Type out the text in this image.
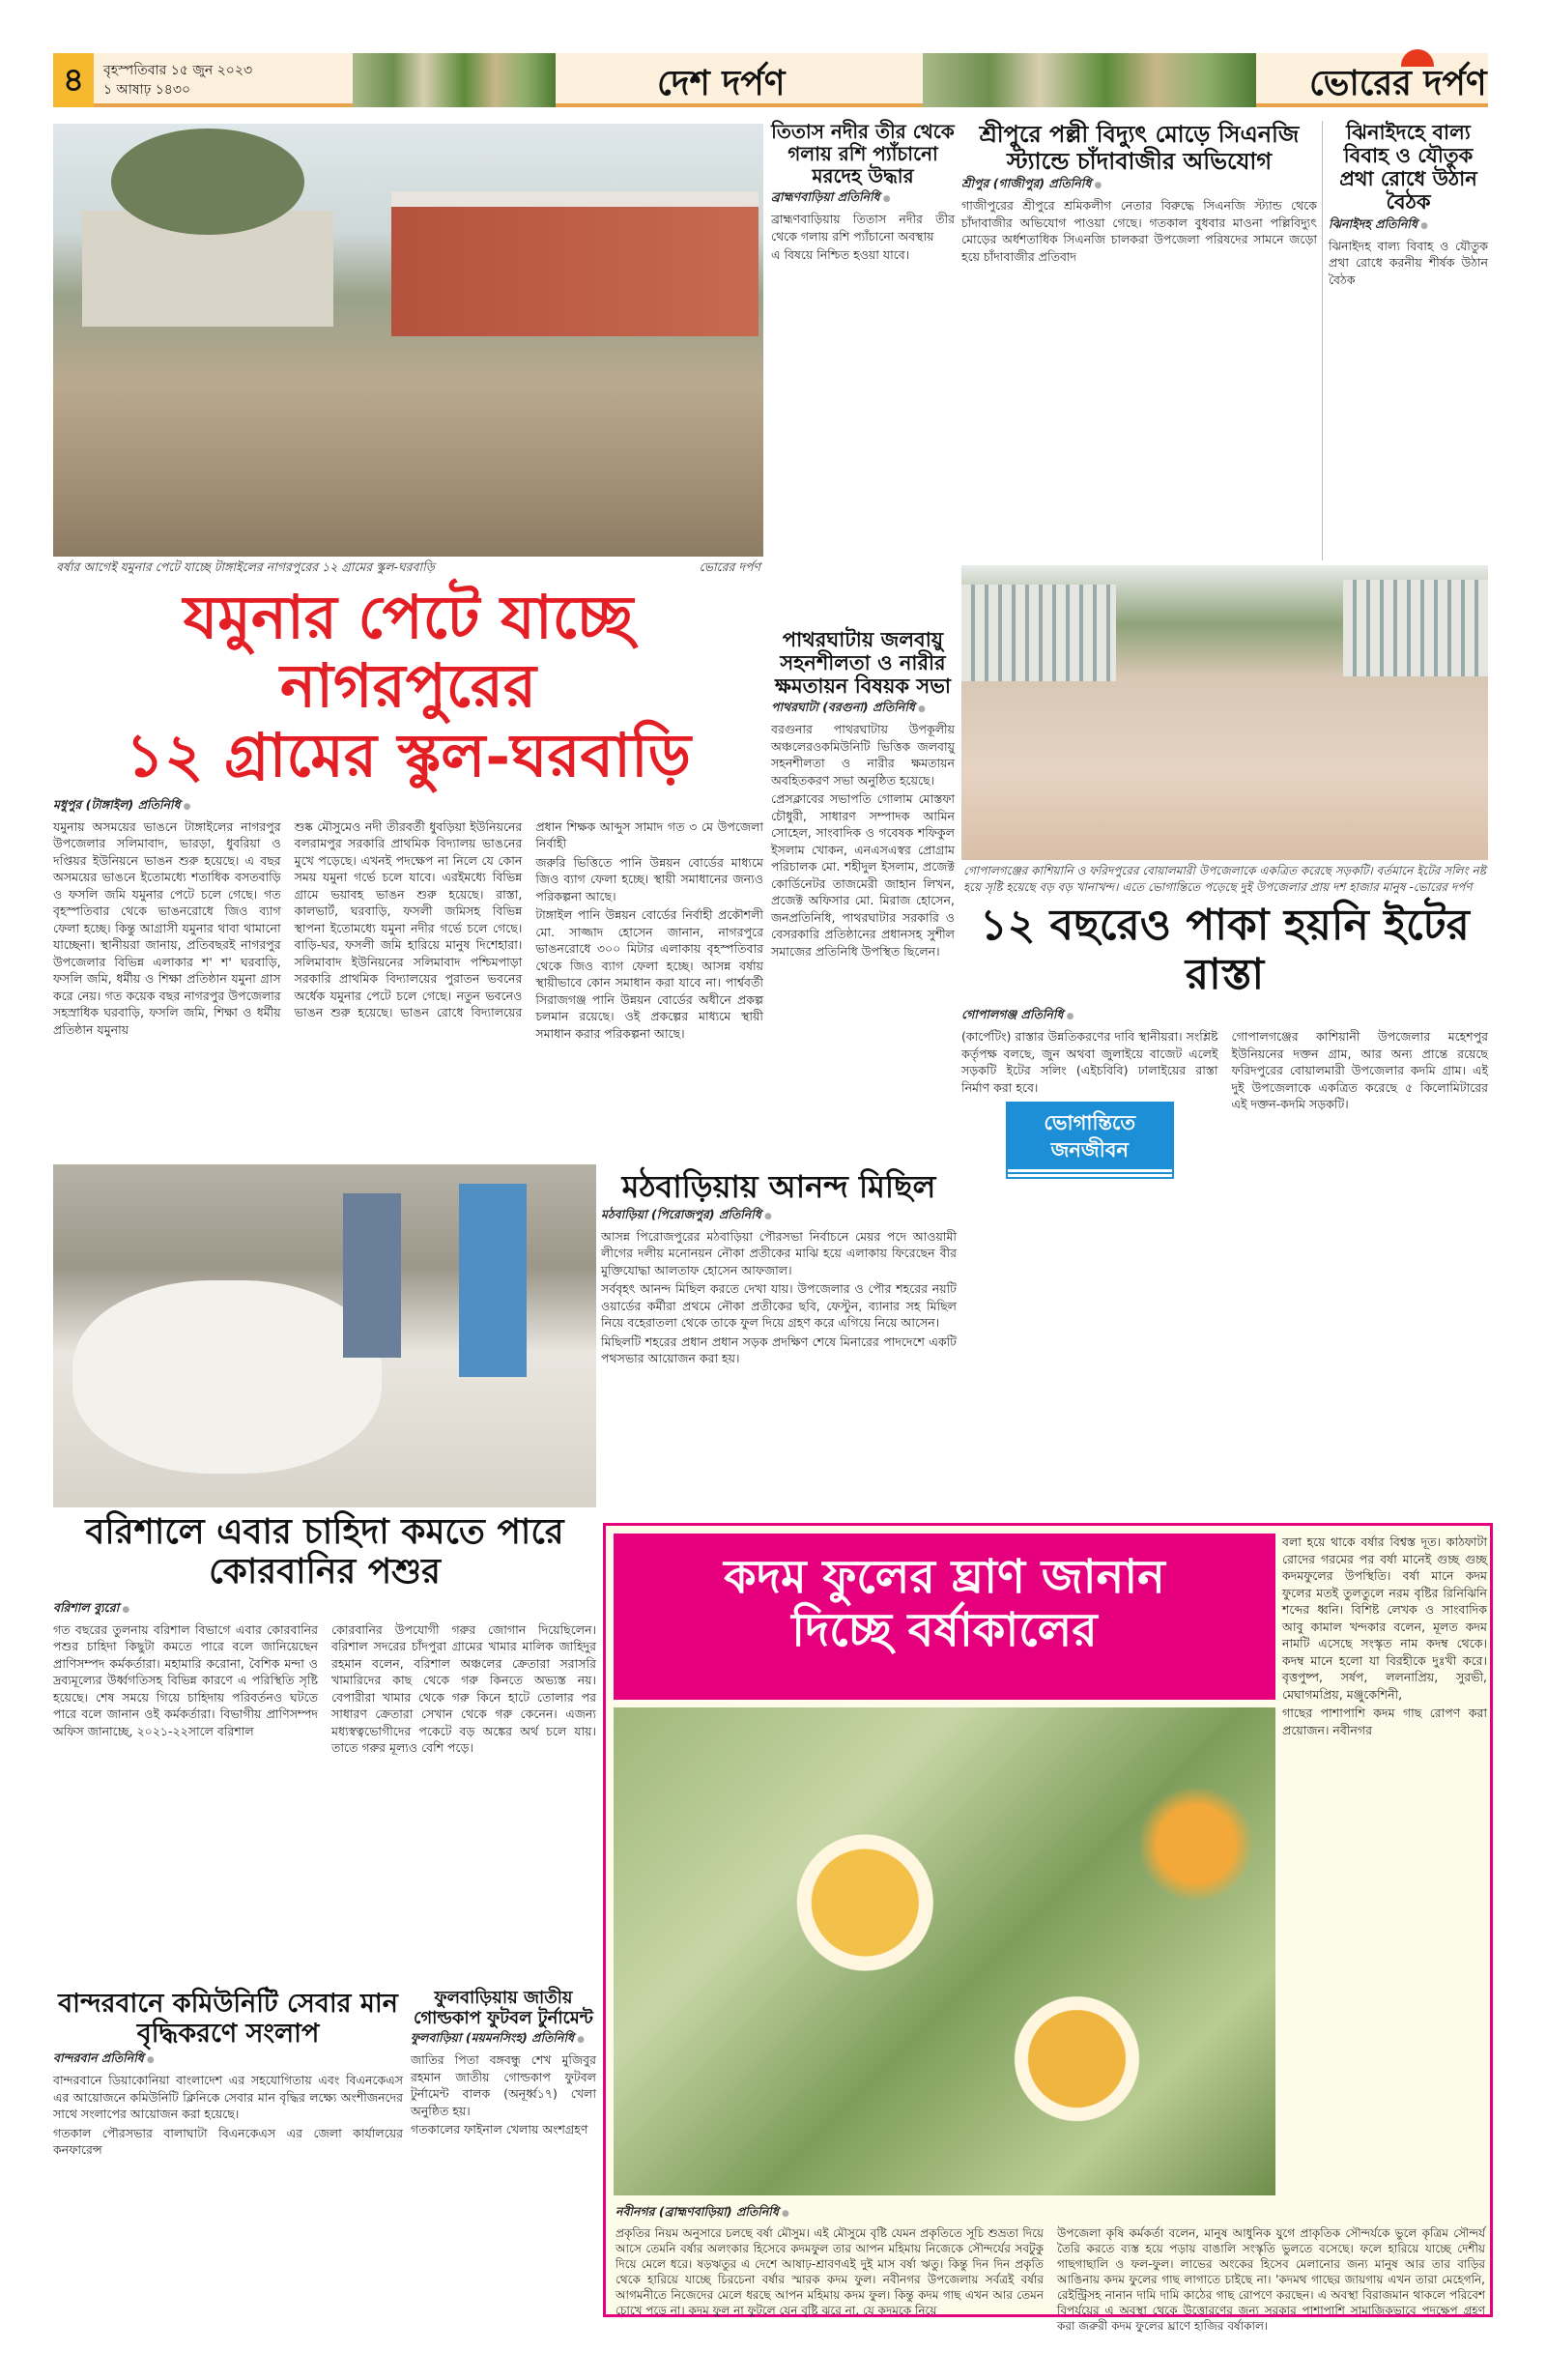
৪	বৃহস্পতিবার ১৫ জুন ২০২৩
১ আষাঢ় ১৪৩০	দেশ দর্পণ	ভোরের দর্পণ
বর্ষার আগেই যমুনার পেটে যাচ্ছে টাঙ্গাইলের নাগরপুরের ১২ গ্রামের স্কুল-ঘরবাড়ি	ভোরের দর্পণ
যমুনার পেটে যাচ্ছে নাগরপুরের
১২ গ্রামের স্কুল-ঘরবাড়ি
মধুপুর (টাঙ্গাইল) প্রতিনিধি ●

যমুনায় অসময়ের ভাঙনে টাঙ্গাইলের নাগরপুর উপজেলার সলিমাবাদ, ভারড়া, ধুবরিয়া ও দপ্তিয়র ইউনিয়নে ভাঙন শুরু হয়েছে। এ বছর অসময়ের ভাঙনে ইতোমধ্যে শতাধিক বসতবাড়ি ও ফসলি জমি যমুনার পেটে চলে গেছে। গত বৃহস্পতিবার থেকে ভাঙনরোধে জিও ব্যাগ ফেলা হচ্ছে। কিন্তু আগ্রাসী যমুনার থাবা থামানো যাচ্ছেনা। স্থানীয়রা জানায়, প্রতিবছরই নাগরপুর উপজেলার বিভিন্ন এলাকার শ' শ' ঘরবাড়ি, ফসলি জমি, ধর্মীয় ও শিক্ষা প্রতিষ্ঠান যমুনা গ্রাস করে নেয়। গত কয়েক বছর নাগরপুর উপজেলার সহস্রাধিক ঘরবাড়ি, ফসলি জমি, শিক্ষা ও ধর্মীয় প্রতিষ্ঠান যমুনায়

শুষ্ক মৌসুমেও নদী তীরবর্তী ধুবড়িয়া ইউনিয়নের বলরামপুর সরকারি প্রাথমিক বিদ্যালয় ভাঙনের মুখে পড়েছে। এখনই পদক্ষেপ না নিলে যে কোন সময় যমুনা গর্ভে চলে যাবে। এরইমধ্যে বিভিন্ন গ্রামে ভয়াবহ ভাঙন শুরু হয়েছে। রাস্তা, কালভার্ট, ঘরবাড়ি, ফসলী জমিসহ বিভিন্ন স্থাপনা ইতোমধ্যে যমুনা নদীর গর্ভে চলে গেছে। বাড়ি-ঘর, ফসলী জমি হারিয়ে মানুষ দিশেহারা। সলিমাবাদ ইউনিয়নের সলিমাবাদ পশ্চিমপাড়া সরকারি প্রাথমিক বিদ্যালয়ের পুরাতন ভবনের অর্ধেক যমুনার পেটে চলে গেছে। নতুন ভবনেও ভাঙন শুরু হয়েছে। ভাঙন রোধে বিদ্যালয়ের প্রধান শিক্ষক আব্দুস সামাদ গত ৩ মে উপজেলা নির্বাহী

জরুরি ভিত্তিতে পানি উন্নয়ন বোর্ডের মাধ্যমে জিও ব্যাগ ফেলা হচ্ছে। স্থায়ী সমাধানের জন্যও পরিকল্পনা আছে।

টাঙ্গাইল পানি উন্নয়ন বোর্ডের নির্বাহী প্রকৌশলী মো. সাজ্জাদ হোসেন জানান, নাগরপুরে ভাঙনরোধে ৩০০ মিটার এলাকায় বৃহস্পতিবার থেকে জিও ব্যাগ ফেলা হচ্ছে। আসন্ন বর্ষায় স্থায়ীভাবে কোন সমাধান করা যাবে না। পার্শ্ববর্তী সিরাজগঞ্জ পানি উন্নয়ন বোর্ডের অধীনে প্রকল্প চলমান রয়েছে। ওই প্রকল্পের মাধ্যমে স্থায়ী সমাধান করার পরিকল্পনা আছে।

তিতাস নদীর তীর থেকে গলায় রশি প্যাঁচানো মরদেহ উদ্ধার
ব্রাহ্মণবাড়িয়া প্রতিনিধি ●

ব্রাহ্মণবাড়িয়ায় তিতাস নদীর তীর থেকে গলায় রশি প্যাঁচানো অবস্থায়

এ বিষয়ে নিশ্চিত হওয়া যাবে।

পাথরঘাটায় জলবায়ু সহনশীলতা ও নারীর ক্ষমতায়ন বিষয়ক সভা
পাথরঘাটা (বরগুনা) প্রতিনিধি ●

বরগুনার পাথরঘাটায় উপকূলীয় অঞ্চলেরওকমিউনিটি ভিত্তিক জলবায়ু সহনশীলতা ও নারীর ক্ষমতায়ন অবহিতকরণ সভা অনুষ্ঠিত হয়েছে।

প্রেসক্লাবের সভাপতি গোলাম মোস্তফা চৌধুরী, সাধারণ সম্পাদক আমিন সোহেল, সাংবাদিক ও গবেষক শফিকুল ইসলাম খোকন, এনএসএস্বর প্রোগ্রাম পরিচালক মো. শহীদুল ইসলাম, প্রজেক্ট কোর্ডিনেটর তাজমেরী জাহান লিখন, প্রজেক্ট অফিসার মো. মিরাজ হোসেন, জনপ্রতিনিধি, পাথরঘাটার সরকারি ও বেসরকারি প্রতিষ্ঠানের প্রধানসহ সুশীল সমাজের প্রতিনিধি উপস্থিত ছিলেন।

শ্রীপুরে পল্লী বিদ্যুৎ মোড়ে সিএনজি স্ট্যান্ডে চাঁদাবাজীর অভিযোগ
শ্রীপুর (গাজীপুর) প্রতিনিধি ●

গাজীপুরের শ্রীপুরে শ্রমিকলীগ নেতার বিরুদ্ধে সিএনজি স্ট্যান্ড থেকে চাঁদাবাজীর অভিযোগ পাওয়া গেছে। গতকাল বুধবার মাওনা পল্লিবিদ্যুৎ মোড়ের অর্ধশতাধিক সিএনজি চালকরা উপজেলা পরিষদের সামনে জড়ো হয়ে চাঁদাবাজীর প্রতিবাদ

ঝিনাইদহে বাল্য বিবাহ ও যৌতুক প্রথা রোধে উঠান বৈঠক
ঝিনাইদহ প্রতিনিধি ●

ঝিনাইদহ বাল্য বিবাহ ও যৌতুক প্রথা রোধে করনীয় শীর্ষক উঠান বৈঠক

গোপালগঞ্জের কাশিয়ানি ও ফরিদপুরের বোয়ালমারী উপজেলাকে একত্রিত করেছে সড়কটি। বর্তমানে ইটের সলিং নষ্ট হয়ে সৃষ্টি হয়েছে বড় বড় খানাখন্দ। এতে ভোগান্তিতে পড়েছে দুই উপজেলার প্রায় দশ হাজার মানুষ -ভোরের দর্পণ
১২ বছরেও পাকা হয়নি ইটের রাস্তা
গোপালগঞ্জ প্রতিনিধি ●

(কার্পেটিং) রাস্তার উন্নতিকরণের দাবি স্থানীয়রা। সংশ্লিষ্ট কর্তৃপক্ষ বলছে, জুন অথবা জুলাইয়ে বাজেট এলেই সড়কটি ইটের সলিং (এইচবিবি) ঢালাইয়ের রাস্তা নির্মাণ করা হবে।

ভোগান্তিতে
জনজীবন

গোপালগঞ্জের কাশিয়ানী উপজেলার মহেশপুর ইউনিয়নের দক্তন গ্রাম, আর অন্য প্রান্তে রয়েছে ফরিদপুরের বোয়ালমারী উপজেলার কদমি গ্রাম। এই দুই উপজেলাকে একত্রিত করেছে ৫ কিলোমিটারের এই দক্তন-কদমি সড়কটি।

মঠবাড়িয়ায় আনন্দ মিছিল
মঠবাড়িয়া (পিরোজপুর) প্রতিনিধি ●

আসন্ন পিরোজপুরের মঠবাড়িয়া পৌরসভা নির্বাচনে মেয়র পদে আওয়ামী লীগের দলীয় মনোনয়ন নৌকা প্রতীকের মাঝি হয়ে এলাকায় ফিরেছেন বীর মুক্তিযোদ্ধা আলতাফ হোসেন আফজাল।

সর্ববৃহৎ আনন্দ মিছিল করতে দেখা যায়। উপজেলার ও পৌর শহরের নয়টি ওয়ার্ডের কর্মীরা প্রথমে নৌকা প্রতীকের ছবি, ফেস্টুন, ব্যানার সহ মিছিল নিয়ে বহেরাতলা থেকে তাকে ফুল দিয়ে গ্রহণ করে এগিয়ে নিয়ে আসেন।

মিছিলটি শহরের প্রধান প্রধান সড়ক প্রদক্ষিণ শেষে মিনারের পাদদেশে একটি পথসভার আয়োজন করা হয়।

বরিশালে এবার চাহিদা কমতে পারে কোরবানির পশুর
বরিশাল ব্যুরো ●

গত বছরের তুলনায় বরিশাল বিভাগে এবার কোরবানির পশুর চাহিদা কিছুটা কমতে পারে বলে জানিয়েছেন প্রাণিসম্পদ কর্মকর্তারা। মহামারি করোনা, বৈশিক মন্দা ও দ্রব্যমূল্যের উর্ধ্বগতিসহ বিভিন্ন কারণে এ পরিস্থিতি সৃষ্টি হয়েছে। শেষ সময়ে গিয়ে চাহিদায় পরিবর্তনও ঘটতে পারে বলে জানান ওই কর্মকর্তারা। বিভাগীয় প্রাণিসম্পদ অফিস জানাচ্ছে, ২০২১-২২সালে বরিশাল

কোরবানির উপযোগী গরুর জোগান দিয়েছিলেন। বরিশাল সদরের চাঁদপুরা গ্রামের খামার মালিক জাহিদুর রহমান বলেন, বরিশাল অঞ্চলের ক্রেতারা সরাসরি খামারিদের কাছ থেকে গরু কিনতে অভ্যস্ত নয়। বেপারীরা খামার থেকে গরু কিনে হাটে তোলার পর সাধারণ ক্রেতারা সেখান থেকে গরু কেনেন। এজন্য মধ্যস্বত্বভোগীদের পকেটে বড় অঙ্কের অর্থ চলে যায়। তাতে গরুর মূল্যও বেশি পড়ে।

বান্দরবানে কমিউনিটি সেবার মান বৃদ্ধিকরণে সংলাপ
বান্দরবান প্রতিনিধি ●

বান্দরবানে ডিয়াকোনিয়া বাংলাদেশ এর সহযোগিতায় এবং বিএনকেএস এর আয়োজনে কমিউনিটি ক্লিনিকে সেবার মান বৃদ্ধির লক্ষ্যে অংশীজনদের সাথে সংলাপের আয়োজন করা হয়েছে।

গতকাল পৌরসভার বালাঘাটা বিএনকেএস এর জেলা কার্যালয়ের কনফারেন্স

ফুলবাড়িয়ায় জাতীয় গোল্ডকাপ ফুটবল টুর্নামেন্ট
ফুলবাড়িয়া (ময়মনসিংহ) প্রতিনিধি ●

জাতির পিতা বঙ্গবন্ধু শেখ মুজিবুর রহমান জাতীয় গোল্ডকাপ ফুটবল টুর্নামেন্ট বালক (অনূর্ধ্ব১৭) খেলা অনুষ্ঠিত হয়।

গতকালের ফাইনাল খেলায় অংশগ্রহণ

কদম ফুলের ঘ্রাণ জানান
দিচ্ছে বর্ষাকালের

বলা হয়ে থাকে বর্ষার বিশ্বস্ত দূত। কাঠফাটা রোদের গরমের পর বর্ষা মানেই গুচ্ছ গুচ্ছ কদমফুলের উপস্থিতি। বর্ষা মানে কদম ফুলের মতই তুলতুলে নরম বৃষ্টির রিনিঝিনি শব্দের ধ্বনি। বিশিষ্ট লেখক ও সাংবাদিক আবু কামাল খন্দকার বলেন, মূলত কদম নামটি এসেছে সংস্কৃত নাম কদম্ব থেকে। কদম্ব মানে হলো যা বিরহীকে দুঃখী করে। বৃত্তপুষ্প, সর্ষপ, ললনাপ্রিয়, সুরভী, মেঘাগমপ্রিয়, মঞ্জুকেশিনী,

গাছের পাশাপাশি কদম গাছ রোপণ করা প্রয়োজন। নবীনগর

নবীনগর (ব্রাহ্মণবাড়িয়া) প্রতিনিধি ●

প্রকৃতির নিয়ম অনুসারে চলছে বর্ষা মৌসুম। এই মৌসুমে বৃষ্টি যেমন প্রকৃতিতে সূচি শুভ্রতা দিয়ে আসে তেমনি বর্ষার অলংকার হিসেবে কদমফুল তার আপন মহিমায় নিজেকে সৌন্দর্যের সবটুকু দিয়ে মেলে ধরে। ষড়ঋতুর এ দেশে আষাঢ়-শ্রাবণএই দুই মাস বর্ষা ঋতু। কিন্তু দিন দিন প্রকৃতি থেকে হারিয়ে যাচ্ছে চিরচেনা বর্ষার স্মারক কদম ফুল। নবীনগর উপজেলায় সর্বত্রই বর্ষার আগমনীতে নিজেদের মেলে ধরছে আপন মহিমায় কদম ফুল। কিন্তু কদম গাছ এখন আর তেমন চোখে পড়ে না। কদম ফুল না ফুটলে যেন বৃষ্টি ঝরে না, যে কদমকে নিয়ে

উপজেলা কৃষি কর্মকর্তা বলেন, মানুষ আধুনিক যুগে প্রাকৃতিক সৌন্দর্যকে ভুলে কৃত্রিম সৌন্দর্য তৈরি করতে ব্যস্ত হয়ে পড়ায় বাঙালি সংস্কৃতি ভুলতে বসেছে। ফলে হারিয়ে যাচ্ছে দেশীয় গাছগাছালি ও ফল-ফুল। লাভের অংকের হিসেব মেলানোর জন্য মানুষ আর তার বাড়ির আঙিনায় কদম ফুলের গাছ লাগাতে চাইছে না। 'কদমথ গাছের জায়গায় এখন তারা মেহেগনি, রেইন্ট্রিসহ নানান দামি দামি কাঠের গাছ রোপণে করছেন। এ অবস্থা বিরাজমান থাকলে পরিবেশ বিপর্যয়ের এ অবস্থা থেকে উত্তোরণের জন্য সরকার পাশাপাশি সামাজিকভাবে পদক্ষেপ গ্রহণ করা জরুরী কদম ফুলের ঘ্রাণে হাজির বর্ষাকাল।
